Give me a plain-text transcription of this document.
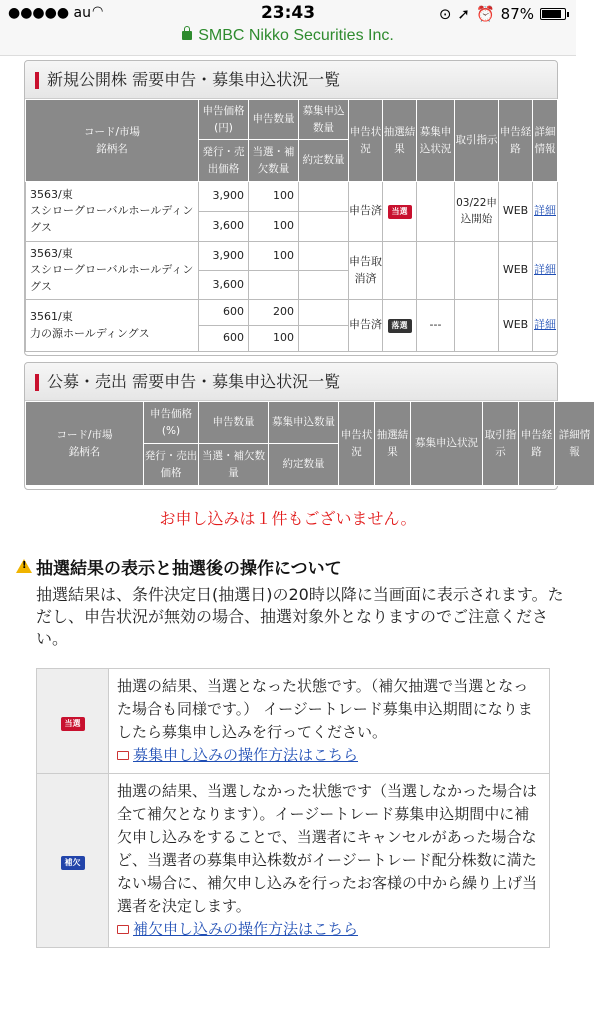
●●●●● au ◠	23:43	⊙ ➚ ⏰ 87%
SMBC Nikko Securities Inc.
新規公開株 需要申告・募集申込状況一覧
コード/市場
銘柄名	申告価格(円)	申告数量	募集申込数量	申告状況	抽選結果	募集申込状況	取引指示	申告経路	詳細情報
	発行・売出価格	当選・補欠数量	約定数量						
3563/東
スシローグローバルホールディングス	3,900	100		申告済	当選		03/22申込開始	WEB	詳細
	3,600	100							
3563/東
スシローグローバルホールディングス	3,900	100		申告取消済				WEB	詳細
	3,600								
3561/東
力の源ホールディングス	600	200		申告済	落選	---		WEB	詳細
	600	100							
公募・売出 需要申告・募集申込状況一覧
コード/市場
銘柄名	申告価格(%)	申告数量	募集申込数量	申告状況	抽選結果	募集申込状況	取引指示	申告経路	詳細情報
	発行・売出価格	当選・補欠数量	約定数量						
お申し込みは１件もございません。
!抽選結果の表示と抽選後の操作について
抽選結果は、条件決定日(抽選日)の20時以降に当画面に表示されます。ただし、申告状況が無効の場合、抽選対象外となりますのでご注意ください。
当選	抽選の結果、当選となった状態です。（補欠抽選で当選となった場合も同様です。） イージートレード募集申込期間になりましたら募集申し込みを行ってください。
募集申し込みの操作方法はこちら
補欠	抽選の結果、当選しなかった状態です（当選しなかった場合は全て補欠となります）。イージートレード募集申込期間中に補欠申し込みをすることで、当選者にキャンセルがあった場合など、当選者の募集申込株数がイージートレード配分株数に満たない場合に、補欠申し込みを行ったお客様の中から繰り上げ当選者を決定します。
補欠申し込みの操作方法はこちら
